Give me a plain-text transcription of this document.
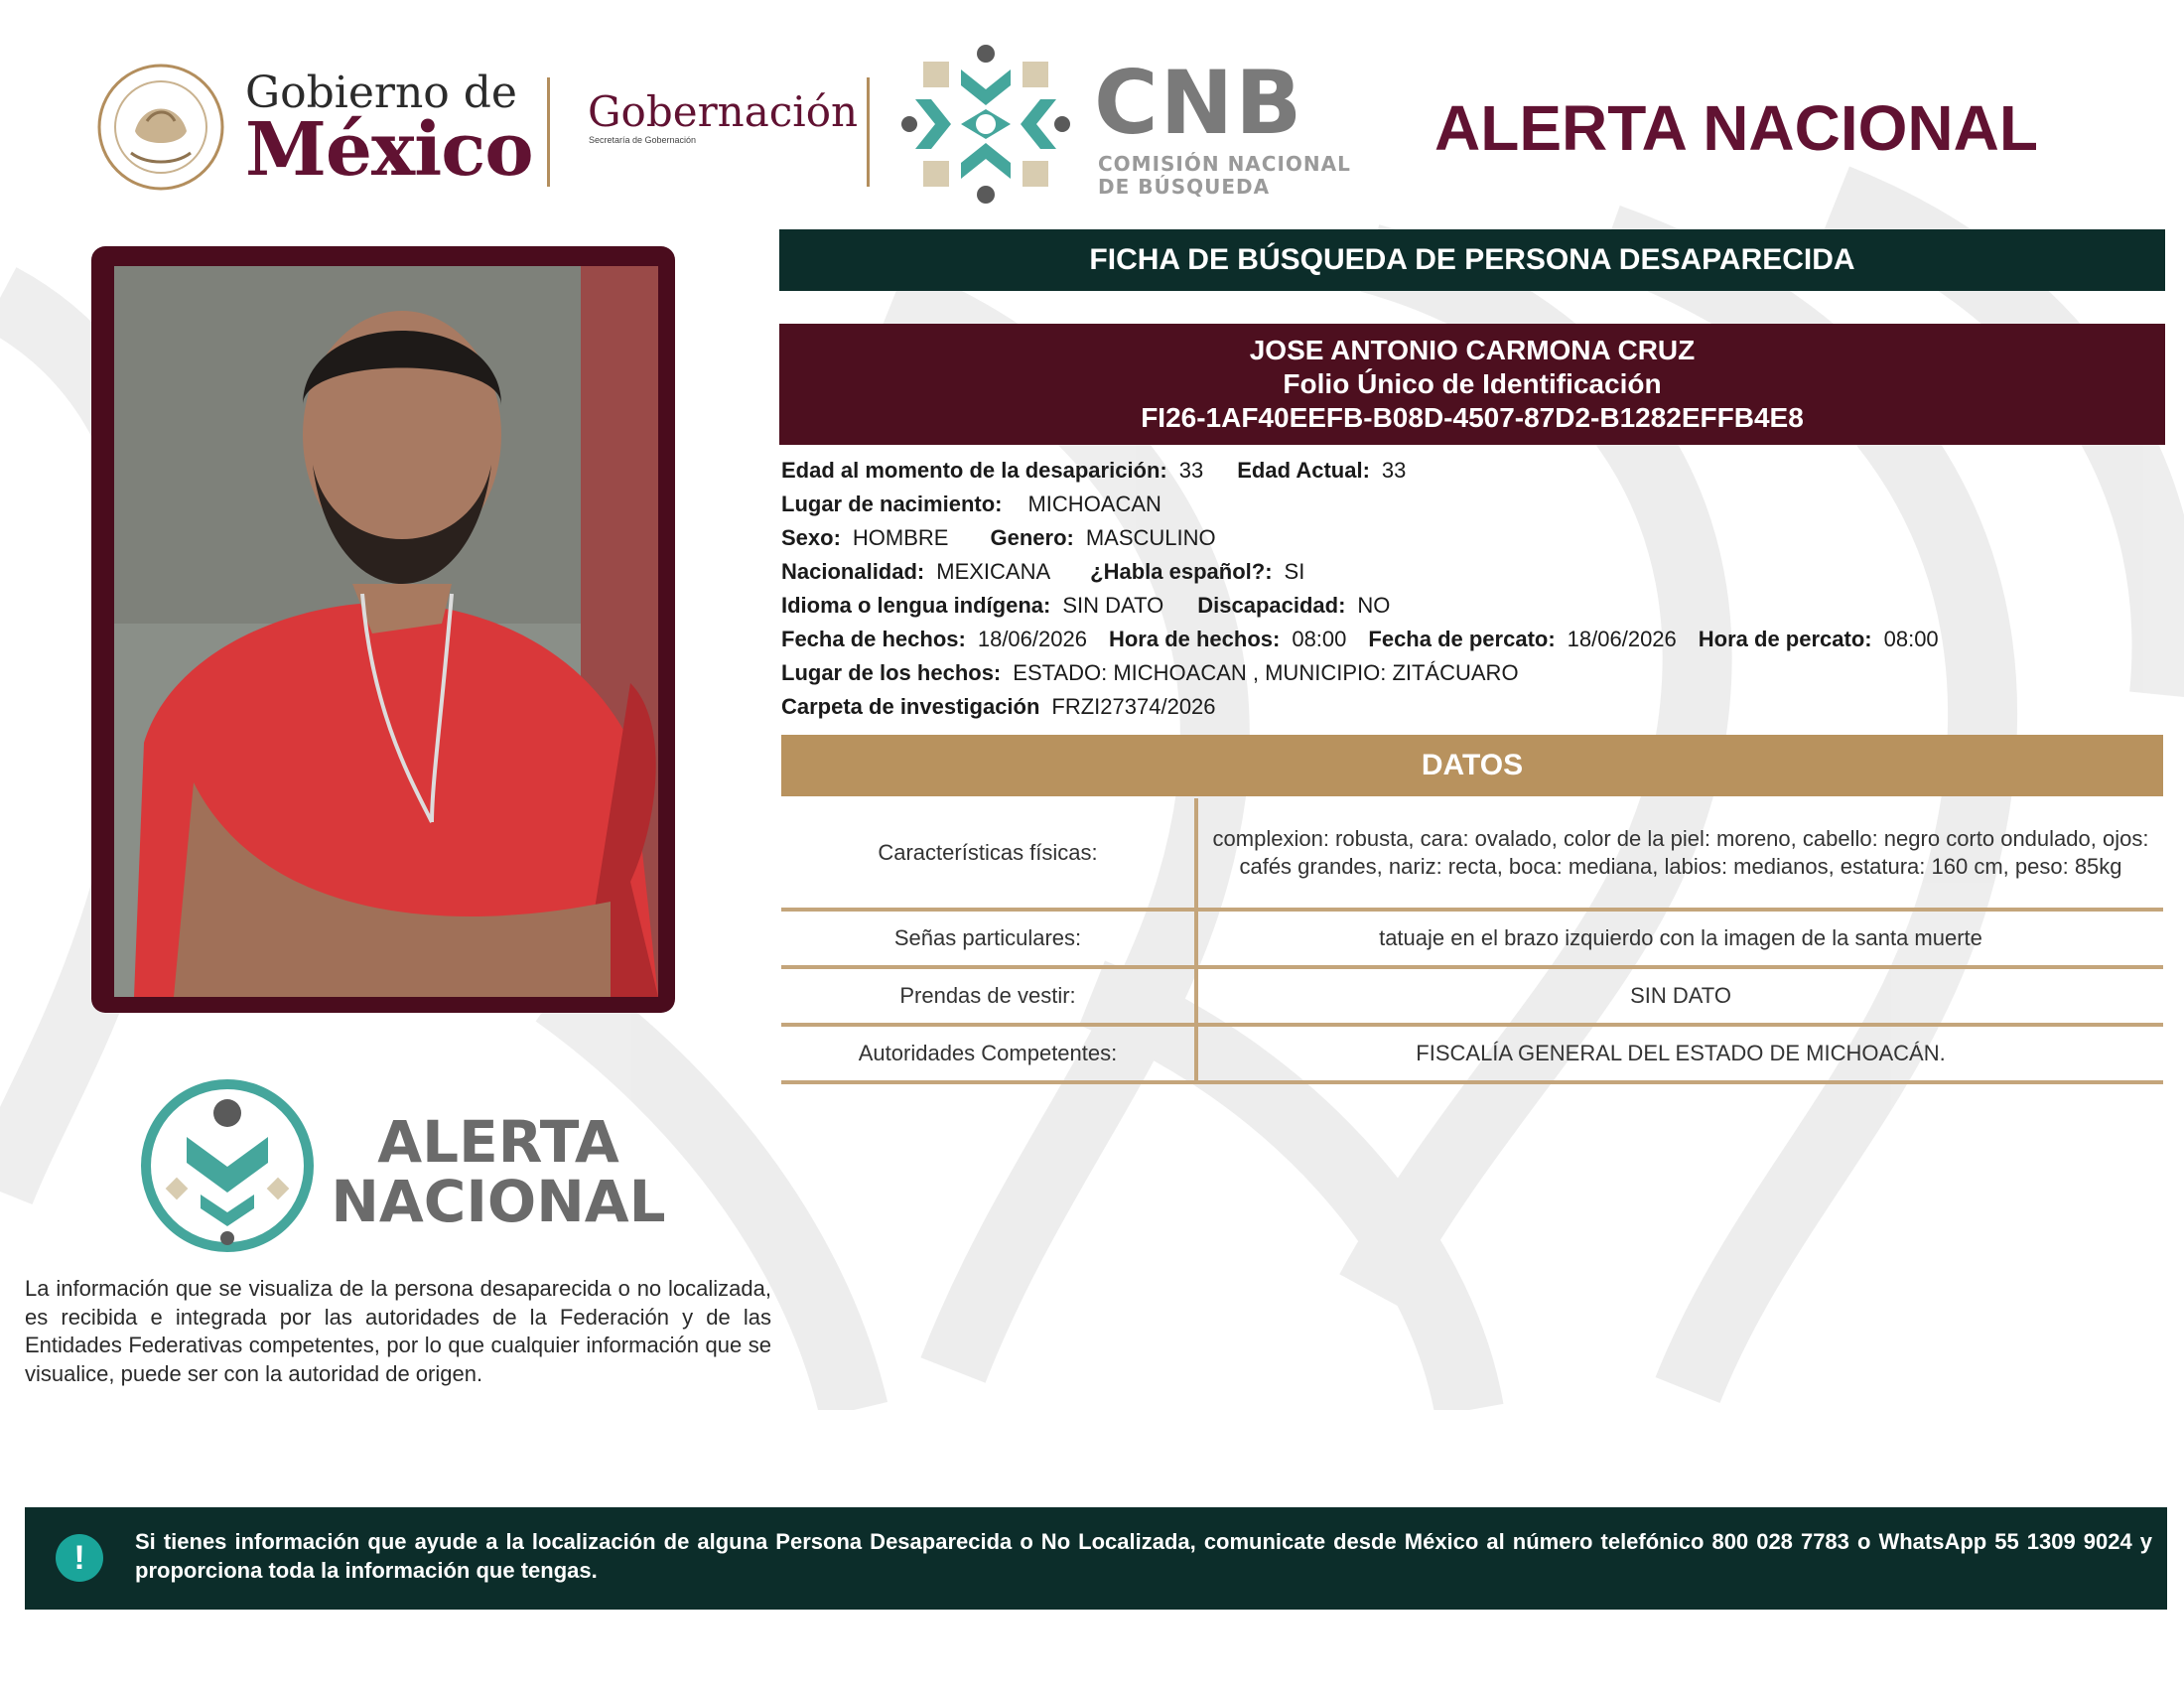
Gobierno de
México Gobernación
Secretaría de Gobernación	CNB
COMISIÓN NACIONAL
DE BÚSQUEDA
ALERTA NACIONAL
FICHA DE BÚSQUEDA DE PERSONA DESAPARECIDA
JOSE ANTONIO CARMONA CRUZ
Folio Único de Identificación
FI26-1AF40EEFB-B08D-4507-87D2-B1282EFFB4E8
Edad al momento de la desaparición: 33 Edad Actual: 33
Lugar de nacimiento: MICHOACAN
Sexo: HOMBRE Genero: MASCULINO
Nacionalidad: MEXICANA ¿Habla español?: SI
Idioma o lengua indígena: SIN DATO Discapacidad: NO
Fecha de hechos: 18/06/2026 Hora de hechos: 08:00 Fecha de percato: 18/06/2026 Hora de percato: 08:00
Lugar de los hechos: ESTADO: MICHOACAN , MUNICIPIO: ZITÁCUARO
Carpeta de investigación FRZI27374/2026
DATOS
Características físicas:
complexion: robusta, cara: ovalado, color de la piel: moreno, cabello: negro corto ondulado, ojos: cafés grandes, nariz: recta, boca: mediana, labios: medianos, estatura: 160 cm, peso: 85kg
Señas particulares:	tatuaje en el brazo izquierdo con la imagen de la santa muerte
Prendas de vestir:	SIN DATO
Autoridades Competentes:	FISCALÍA GENERAL DEL ESTADO DE MICHOACÁN.
ALERTA
NACIONAL
La información que se visualiza de la persona desaparecida o no localizada, es recibida e integrada por las autoridades de la Federación y de las Entidades Federativas competentes, por lo que cualquier información que se visualice, puede ser con la autoridad de origen.
!	Si tienes información que ayude a la localización de alguna Persona Desaparecida o No Localizada, comunicate desde México al número telefónico 800 028 7783 o WhatsApp 55 1309 9024 y proporciona toda la información que tengas.
